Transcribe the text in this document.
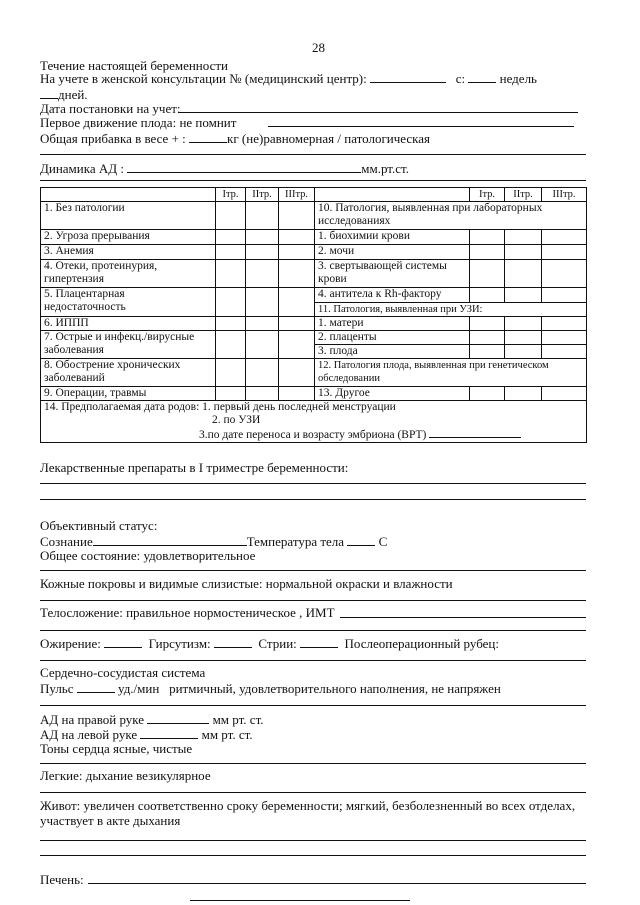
28
Течение настоящей беременности
На учете в женской консультации № (медицинский центр):	с:	недель
дней.
Дата постановки на учет:
Первое движение плода: не помнит
Общая прибавка в весе + :	кг (не)равномерная / патологическая
Динамика АД :	мм.рт.ст.
	Iтр.	IIтр.	IIIтр.		Iтр.	IIтр.	IIIтр.
1. Без патологии				10. Патология, выявленная при лабораторных
исследованиях			
2. Угроза прерывания				1. биохимии крови			
3. Анемия				2. мочи			
4. Отеки, протеинурия,
гипертензия				3. свертывающей системы
крови			
5. Плацентарная
недостаточность				4. антитела к Rh-фактору			
				11. Патология, выявленная при УЗИ:			
6. ИППП				1. матери			
7. Острые и инфекц./вирусные
заболевания				2. плаценты			
				3. плода			
8. Обострение хронических
заболеваний				12. Патология плода, выявленная при генетическом
обследовании			
9. Операции, травмы				13. Другое			

14. Предполагаемая дата родов: 1. первый день последней менструации
2. по УЗИ
3.по дате переноса и возрасту эмбриона (ВРТ)							
Лекарственные препараты в I триместре беременности:
Объективный статус:
Сознание	Температура тела	С
Общее состояние: удовлетворительное
Кожные покровы и видимые слизистые: нормальной окраски и влажности
Телосложение: правильное нормостеническое , ИМТ
Ожирение:	Гирсутизм:	Стрии:	Послеоперационный рубец:
Сердечно-сосудистая система
Пульс	уд./мин ритмичный, удовлетворительного наполнения, не напряжен
АД на правой руке	мм рт. ст.
АД на левой руке	мм рт. ст.
Тоны сердца ясные, чистые
Легкие: дыхание везикулярное
Живот: увеличен соответственно сроку беременности; мягкий, безболезненный во всех отделах,
участвует в акте дыхания
Печень:
